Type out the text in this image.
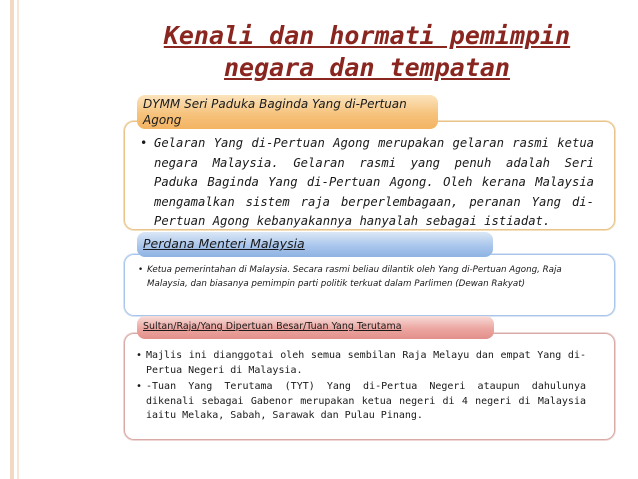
Kenali dan hormati pemimpin negara dan tempatan
DYMM Seri Paduka Baginda Yang di-Pertuan Agong
• Gelaran Yang di-Pertuan Agong merupakan gelaran rasmi ketua negara Malaysia. Gelaran rasmi yang penuh adalah Seri Paduka Baginda Yang di-Pertuan Agong. Oleh kerana Malaysia mengamalkan sistem raja berperlembagaan, peranan Yang di-Pertuan Agong kebanyakannya hanyalah sebagai istiadat.
Perdana Menteri Malaysia
• Ketua pemerintahan di Malaysia. Secara rasmi beliau dilantik oleh Yang di-Pertuan Agong, Raja Malaysia, dan biasanya pemimpin parti politik terkuat dalam Parlimen (Dewan Rakyat)
Sultan/Raja/Yang Dipertuan Besar/Tuan Yang Terutama
• Majlis ini dianggotai oleh semua sembilan Raja Melayu dan empat Yang di-Pertua Negeri di Malaysia.
• -Tuan Yang Terutama (TYT) Yang di-Pertua Negeri ataupun dahulunya dikenali sebagai Gabenor merupakan ketua negeri di 4 negeri di Malaysia iaitu Melaka, Sabah, Sarawak dan Pulau Pinang.
